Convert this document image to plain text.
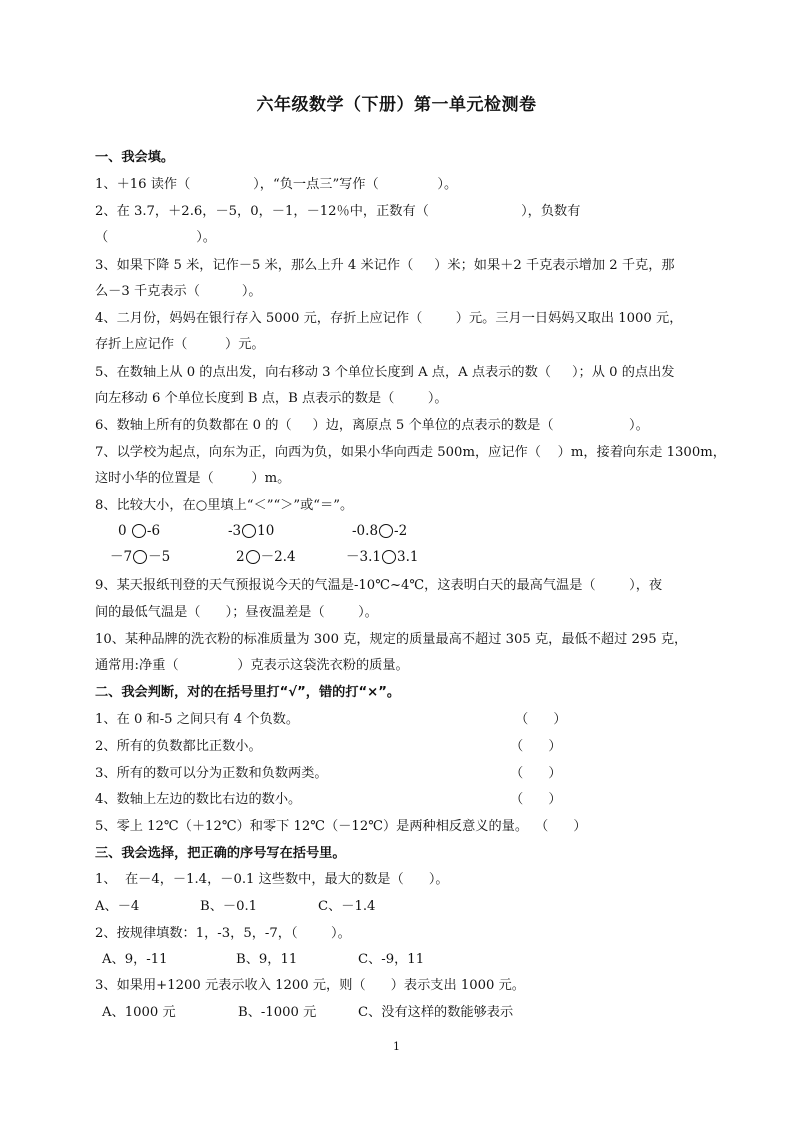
六年级数学（下册）第一单元检测卷
一、我会填。
1、＋16 读作（               ），“负一点三”写作（              ）。
2、在 3.7，＋2.6，－5，0，－1，－12％中，正数有（                      ），负数有
（                     ）。
3、如果下降 5 米，记作－5 米，那么上升 4 米记作（     ）米；如果＋2 千克表示增加 2 千克，那
么－3 千克表示（          ）。
4、二月份，妈妈在银行存入 5000 元，存折上应记作（        ）元。三月一日妈妈又取出 1000 元，
存折上应记作（         ）元。
5、在数轴上从 0 的点出发，向右移动 3 个单位长度到 A 点，A 点表示的数（     ）；从 0 的点出发
向左移动 6 个单位长度到 B 点，B 点表示的数是（        ）。
6、数轴上所有的负数都在 0 的（     ）边，离原点 5 个单位的点表示的数是（                  ）。
7、以学校为起点，向东为正，向西为负，如果小华向西走 500m，应记作（    ）m，接着向东走 1300m，
这时小华的位置是（         ）m。
8、比较大小，在○里填上“＜”“＞”或“＝”。
0 -6	-3 10	-0.8 -2
－7 －5	2 －2.4	－3.1 3.1
9、某天报纸刊登的天气预报说今天的气温是-10℃~4℃，这表明白天的最高气温是（        ），夜
间的最低气温是（      ）；昼夜温差是（        ）。
10、某种品牌的洗衣粉的标准质量为 300 克，规定的质量最高不超过 305 克，最低不超过 295 克，
通常用:净重（              ）克表示这袋洗衣粉的质量。
二、我会判断，对的在括号里打“√”，错的打“×”。
1、在 0 和-5 之间只有 4 个负数。	（      ）
2、所有的负数都比正数小。	（      ）
3、所有的数可以分为正数和负数两类。	（      ）
4、数轴上左边的数比右边的数小。	（      ）
5、零上 12℃（＋12℃）和零下 12℃（－12℃）是两种相反意义的量。 （      ）
三、我会选择，把正确的序号写在括号里。
1、  在－4，－1.4，－0.1 这些数中，最大的数是（      ）。
A、－4	B、－0.1	C、－1.4
2、按规律填数：1，-3，5，-7，（        ）。
A、9，-11	B、9，11	C、-9，11
3、如果用+1200 元表示收入 1200 元，则（      ）表示支出 1000 元。
A、1000 元	B、-1000 元	C、没有这样的数能够表示
1
